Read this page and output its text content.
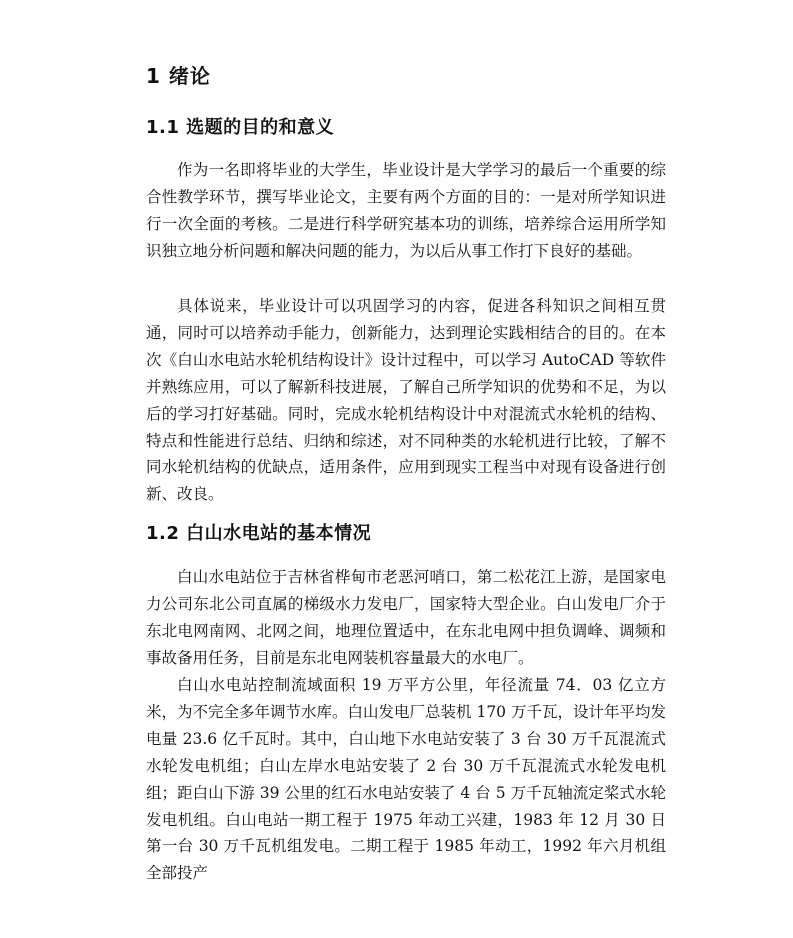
1 绪论
1.1 选题的目的和意义

作为一名即将毕业的大学生，毕业设计是大学学习的最后一个重要的综合性教学环节，撰写毕业论文，主要有两个方面的目的：一是对所学知识进行一次全面的考核。二是进行科学研究基本功的训练，培养综合运用所学知识独立地分析问题和解决问题的能力，为以后从事工作打下良好的基础。

具体说来，毕业设计可以巩固学习的内容，促进各科知识之间相互贯通，同时可以培养动手能力，创新能力，达到理论实践相结合的目的。在本次《白山水电站水轮机结构设计》设计过程中，可以学习 AutoCAD 等软件并熟练应用，可以了解新科技进展，了解自己所学知识的优势和不足，为以后的学习打好基础。同时，完成水轮机结构设计中对混流式水轮机的结构、特点和性能进行总结、归纳和综述，对不同种类的水轮机进行比较，了解不同水轮机结构的优缺点，适用条件，应用到现实工程当中对现有设备进行创新、改良。

1.2 白山水电站的基本情况

白山水电站位于吉林省桦甸市老恶河哨口，第二松花江上游，是国家电力公司东北公司直属的梯级水力发电厂，国家特大型企业。白山发电厂介于东北电网南网、北网之间，地理位置适中，在东北电网中担负调峰、调频和事故备用任务，目前是东北电网装机容量最大的水电厂。

白山水电站控制流域面积 19 万平方公里，年径流量 74．03 亿立方米，为不完全多年调节水库。白山发电厂总装机 170 万千瓦，设计年平均发电量 23.6 亿千瓦时。其中，白山地下水电站安装了 3 台 30 万千瓦混流式水轮发电机组；白山左岸水电站安装了 2 台 30 万千瓦混流式水轮发电机组；距白山下游 39 公里的红石水电站安装了 4 台 5 万千瓦轴流定桨式水轮发电机组。白山电站一期工程于 1975 年动工兴建，1983 年 12 月 30 日第一台 30 万千瓦机组发电。二期工程于 1985 年动工，1992 年六月机组全部投产
